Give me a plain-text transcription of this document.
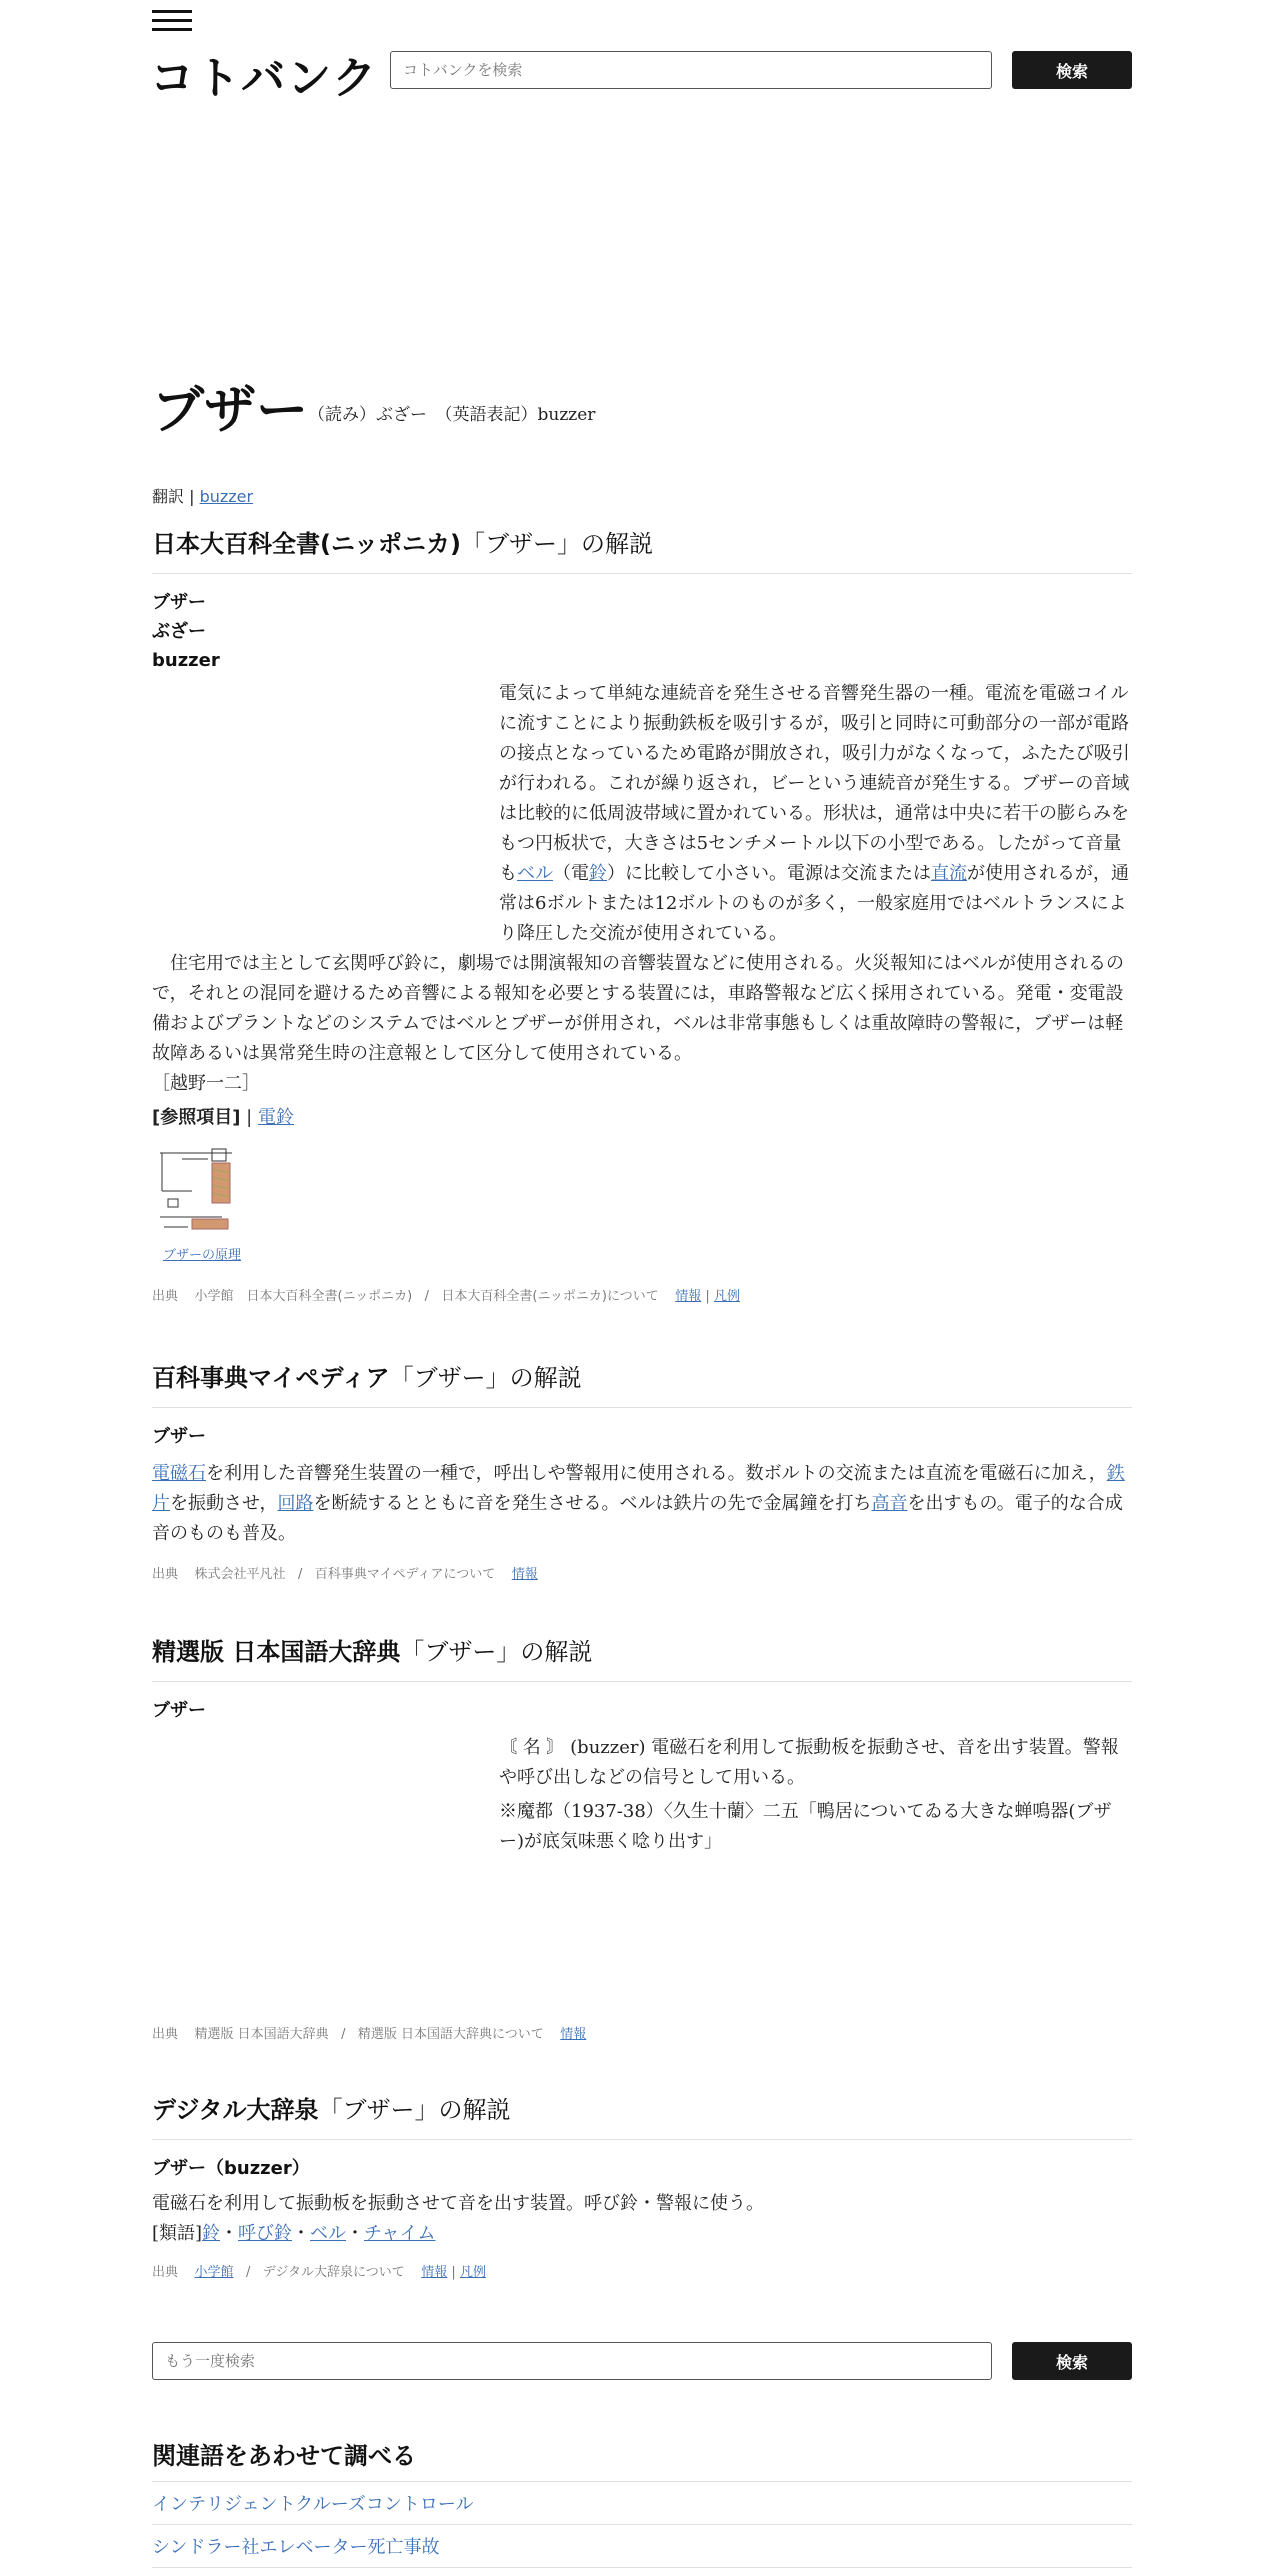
コトバンク
コトバンクを検索	検索
ブザー （読み）ぶざー　（英語表記）buzzer
翻訳 | buzzer
日本大百科全書(ニッポニカ)「ブザー」の解説
ブザー
ぶざー
buzzer
電気によって単純な連続音を発生させる音響発生器の一種。電流を電磁コイルに流すことにより振動鉄板を吸引するが，吸引と同時に可動部分の一部が電路の接点となっているため電路が開放され，吸引力がなくなって，ふたたび吸引が行われる。これが繰り返され，ビーという連続音が発生する。ブザーの音域は比較的に低周波帯域に置かれている。形状は，通常は中央に若干の膨らみをもつ円板状で，大きさは5センチメートル以下の小型である。したがって音量もベル（電鈴）に比較して小さい。電源は交流または直流が使用されるが，通常は6ボルトまたは12ボルトのものが多く，一般家庭用ではベルトランスにより降圧した交流が使用されている。
住宅用では主として玄関呼び鈴に，劇場では開演報知の音響装置などに使用される。火災報知にはベルが使用されるので，それとの混同を避けるため音響による報知を必要とする装置には，車路警報など広く採用されている。発電・変電設備およびプラントなどのシステムではベルとブザーが併用され，ベルは非常事態もしくは重故障時の警報に，ブザーは軽故障あるいは異常発生時の注意報として区分して使用されている。
［越野一二］
[参照項目] | 電鈴
ブザーの原理
出典 小学館　日本大百科全書(ニッポニカ) / 日本大百科全書(ニッポニカ)について 情報 | 凡例
百科事典マイペディア「ブザー」の解説
ブザー
電磁石を利用した音響発生装置の一種で，呼出しや警報用に使用される。数ボルトの交流または直流を電磁石に加え，鉄片を振動させ，回路を断続するとともに音を発生させる。ベルは鉄片の先で金属鐘を打ち高音を出すもの。電子的な合成音のものも普及。
出典 株式会社平凡社 / 百科事典マイペディアについて 情報
精選版 日本国語大辞典「ブザー」の解説
ブザー
〘 名 〙 (buzzer) 電磁石を利用して振動板を振動させ、音を出す装置。警報や呼び出しなどの信号として用いる。
※魔都（1937-38）〈久生十蘭〉二五「鴨居についてゐる大きな蝉鳴器(ブザー)が底気味悪く唸り出す」
出典 精選版 日本国語大辞典 / 精選版 日本国語大辞典について 情報
デジタル大辞泉「ブザー」の解説
ブザー（buzzer）
電磁石を利用して振動板を振動させて音を出す装置。呼び鈴・警報に使う。
[類語]鈴・呼び鈴・ベル・チャイム
出典 小学館 / デジタル大辞泉について 情報 | 凡例
もう一度検索
検索
関連語をあわせて調べる
インテリジェントクルーズコントロール
シンドラー社エレベーター死亡事故
